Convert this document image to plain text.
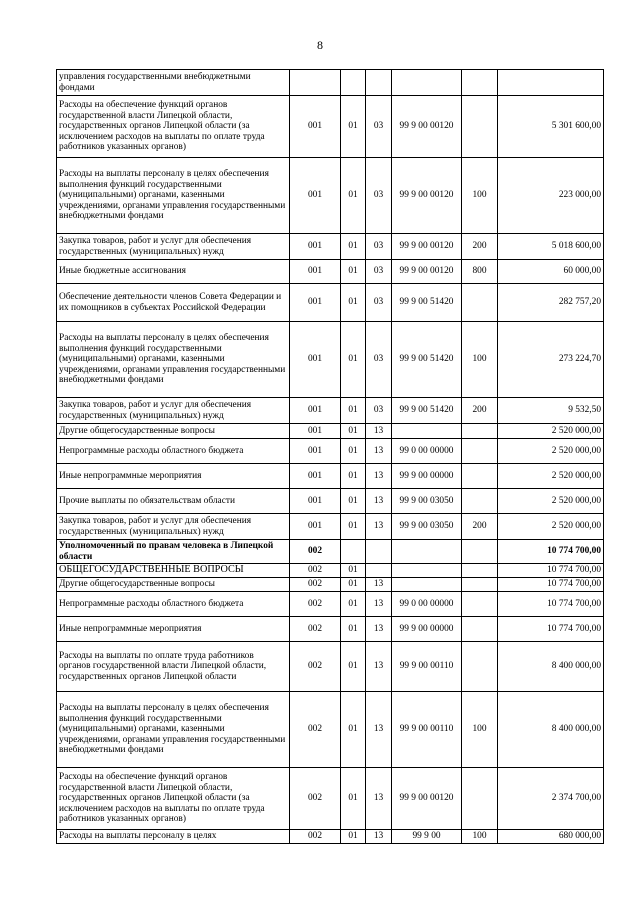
8
управления государственными внебюджетными фондами						
Расходы на обеспечение функций органов государственной власти Липецкой области, государственных органов Липецкой области (за исключением расходов на выплаты по оплате труда работников указанных органов)	001	01	03	99 9 00 00120		5 301 600,00
Расходы на выплаты персоналу в целях обеспечения выполнения функций государственными (муниципальными) органами, казенными учреждениями, органами управления государственными внебюджетными фондами	001	01	03	99 9 00 00120	100	223 000,00
Закупка товаров, работ и услуг для обеспечения государственных (муниципальных) нужд	001	01	03	99 9 00 00120	200	5 018 600,00
Иные бюджетные ассигнования	001	01	03	99 9 00 00120	800	60 000,00
Обеспечение деятельности членов Совета Федерации и их помощников в субъектах Российской Федерации	001	01	03	99 9 00 51420		282 757,20
Расходы на выплаты персоналу в целях обеспечения выполнения функций государственными (муниципальными) органами, казенными учреждениями, органами управления государственными внебюджетными фондами	001	01	03	99 9 00 51420	100	273 224,70
Закупка товаров, работ и услуг для обеспечения государственных (муниципальных) нужд	001	01	03	99 9 00 51420	200	9 532,50
Другие общегосударственные вопросы	001	01	13			2 520 000,00
Непрограммные расходы областного бюджета	001	01	13	99 0 00 00000		2 520 000,00
Иные непрограммные мероприятия	001	01	13	99 9 00 00000		2 520 000,00
Прочие выплаты по обязательствам области	001	01	13	99 9 00 03050		2 520 000,00
Закупка товаров, работ и услуг для обеспечения государственных (муниципальных) нужд	001	01	13	99 9 00 03050	200	2 520 000,00
Уполномоченный по правам человека в Липецкой области	002					10 774 700,00
ОБЩЕГОСУДАРСТВЕННЫЕ ВОПРОСЫ	002	01				10 774 700,00
Другие общегосударственные вопросы	002	01	13			10 774 700,00
Непрограммные расходы областного бюджета	002	01	13	99 0 00 00000		10 774 700,00
Иные непрограммные мероприятия	002	01	13	99 9 00 00000		10 774 700,00
Расходы на выплаты по оплате труда работников органов государственной власти Липецкой области, государственных органов Липецкой области	002	01	13	99 9 00 00110		8 400 000,00
Расходы на выплаты персоналу в целях обеспечения выполнения функций государственными (муниципальными) органами, казенными учреждениями, органами управления государственными внебюджетными фондами	002	01	13	99 9 00 00110	100	8 400 000,00
Расходы на обеспечение функций органов государственной власти Липецкой области, государственных органов Липецкой области (за исключением расходов на выплаты по оплате труда работников указанных органов)	002	01	13	99 9 00 00120		2 374 700,00
Расходы на выплаты персоналу в целях	002	01	13	99 9 00	100	680 000,00
